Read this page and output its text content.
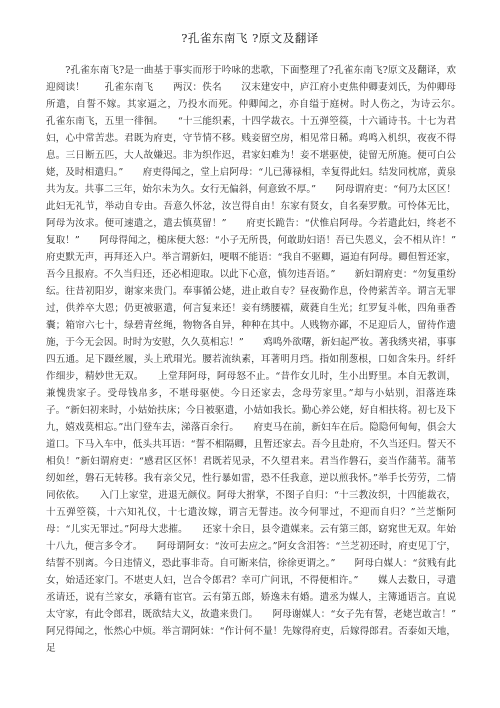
?孔雀东南飞 ?原文及翻译

?孔雀东南飞?是一曲基于事实而形于吟咏的悲歌，下面整理了?孔雀东南飞?原文及翻译，欢迎阅读！　　孔雀东南飞　　两汉：佚名　　汉末建安中，庐江府小吏焦仲卿妻刘氏，为仲卿母所遣，自誓不嫁。其家逼之，乃投水而死。仲卿闻之，亦自缢于庭树。时人伤之，为诗云尔。　　孔雀东南飞，五里一徘徊。　　“十三能织素，十四学裁衣。十五弹箜篌，十六诵诗书。十七为君妇，心中常苦悲。君既为府吏，守节情不移。贱妾留空房，相见常日稀。鸡鸣入机织，夜夜不得息。三日断五匹，大人故嫌迟。非为织作迟，君家妇难为！妾不堪驱使，徒留无所施。便可白公姥，及时相遣归。”　　府吏得闻之，堂上启阿母：“儿已薄禄相，幸复得此妇。结发同枕席，黄泉共为友。共事二三年，始尔未为久。女行无偏斜，何意致不厚。”　　阿母谓府吏：“何乃太区区！此妇无礼节，举动自专由。吾意久怀忿，汝岂得自由！东家有贤女，自名秦罗敷。可怜体无比，阿母为汝求。便可速遣之，遣去慎莫留！”　　府吏长跪告：“伏惟启阿母。今若遣此妇，终老不复取！”　　阿母得闻之，槌床便大怒：“小子无所畏，何敢助妇语！吾已失恩义，会不相从许！”　　府吏默无声，再拜还入户。举言谓新妇，哽咽不能语：“我自不驱卿，逼迫有阿母。卿但暂还家，吾今且报府。不久当归还，还必相迎取。以此下心意，慎勿违吾语。”　　新妇谓府吏：“勿复重纷纭。往昔初阳岁，谢家来贵门。奉事循公姥，进止敢自专？昼夜勤作息，伶俜萦苦辛。谓言无罪过，供养卒大恩；仍更被驱遣，何言复来还！妾有绣腰襦，葳蕤自生光；红罗复斗帐，四角垂香囊；箱帘六七十，绿碧青丝绳，物物各自异，种种在其中。人贱物亦鄙，不足迎后人，留待作遗施，于今无会因。时时为安慰，久久莫相忘！”　　鸡鸣外欲曙，新妇起严妆。著我绣夹裙，事事四五通。足下蹑丝履，头上玳瑁光。腰若流纨素，耳著明月珰。指如削葱根，口如含朱丹。纤纤作细步，精妙世无双。　　上堂拜阿母，阿母怒不止。“昔作女儿时，生小出野里。本自无教训，兼愧贵家子。受母钱帛多，不堪母驱使。今日还家去，念母劳家里。”却与小姑别，泪落连珠子。“新妇初来时，小姑始扶床；今日被驱遣，小姑如我长。勤心养公姥，好自相扶将。初七及下九，嬉戏莫相忘。”出门登车去，涕落百余行。　　府吏马在前，新妇车在后。隐隐何甸甸，俱会大道口。下马入车中，低头共耳语：“誓不相隔卿，且暂还家去。吾今且赴府，不久当还归。誓天不相负！”新妇谓府吏：“感君区区怀！君既若见录，不久望君来。君当作磐石，妾当作蒲苇。蒲苇纫如丝，磐石无转移。我有亲父兄，性行暴如雷，恐不任我意，逆以煎我怀。”举手长劳劳，二情同依依。　　入门上家堂，进退无颜仪。阿母大拊掌，不图子自归：“十三教汝织，十四能裁衣，十五弹箜篌，十六知礼仪，十七遣汝嫁，谓言无誓违。汝今何罪过，不迎而自归？”兰芝惭阿母：“儿实无罪过。”阿母大悲摧。　　还家十余日，县令遣媒来。云有第三郎，窈窕世无双。年始十八九，便言多令才。　　阿母谓阿女：“汝可去应之。”阿女含泪答：“兰芝初还时，府吏见丁宁，结誓不别离。今日违情义，恐此事非奇。自可断来信，徐徐更谓之。”　　阿母白媒人：“贫贱有此女，始适还家门。不堪吏人妇，岂合令郎君？幸可广问讯，不得便相许。”　　媒人去数日，寻遣丞请还，说有兰家女，承籍有宦官。云有第五郎，娇逸未有婚。遣丞为媒人，主簿通语言。直说太守家，有此令郎君，既欲结大义，故遣来贵门。　　阿母谢媒人：“女子先有誓，老姥岂敢言！”　　阿兄得闻之，怅然心中烦。举言谓阿妹：“作计何不量！先嫁得府吏，后嫁得郎君。否泰如天地，足
